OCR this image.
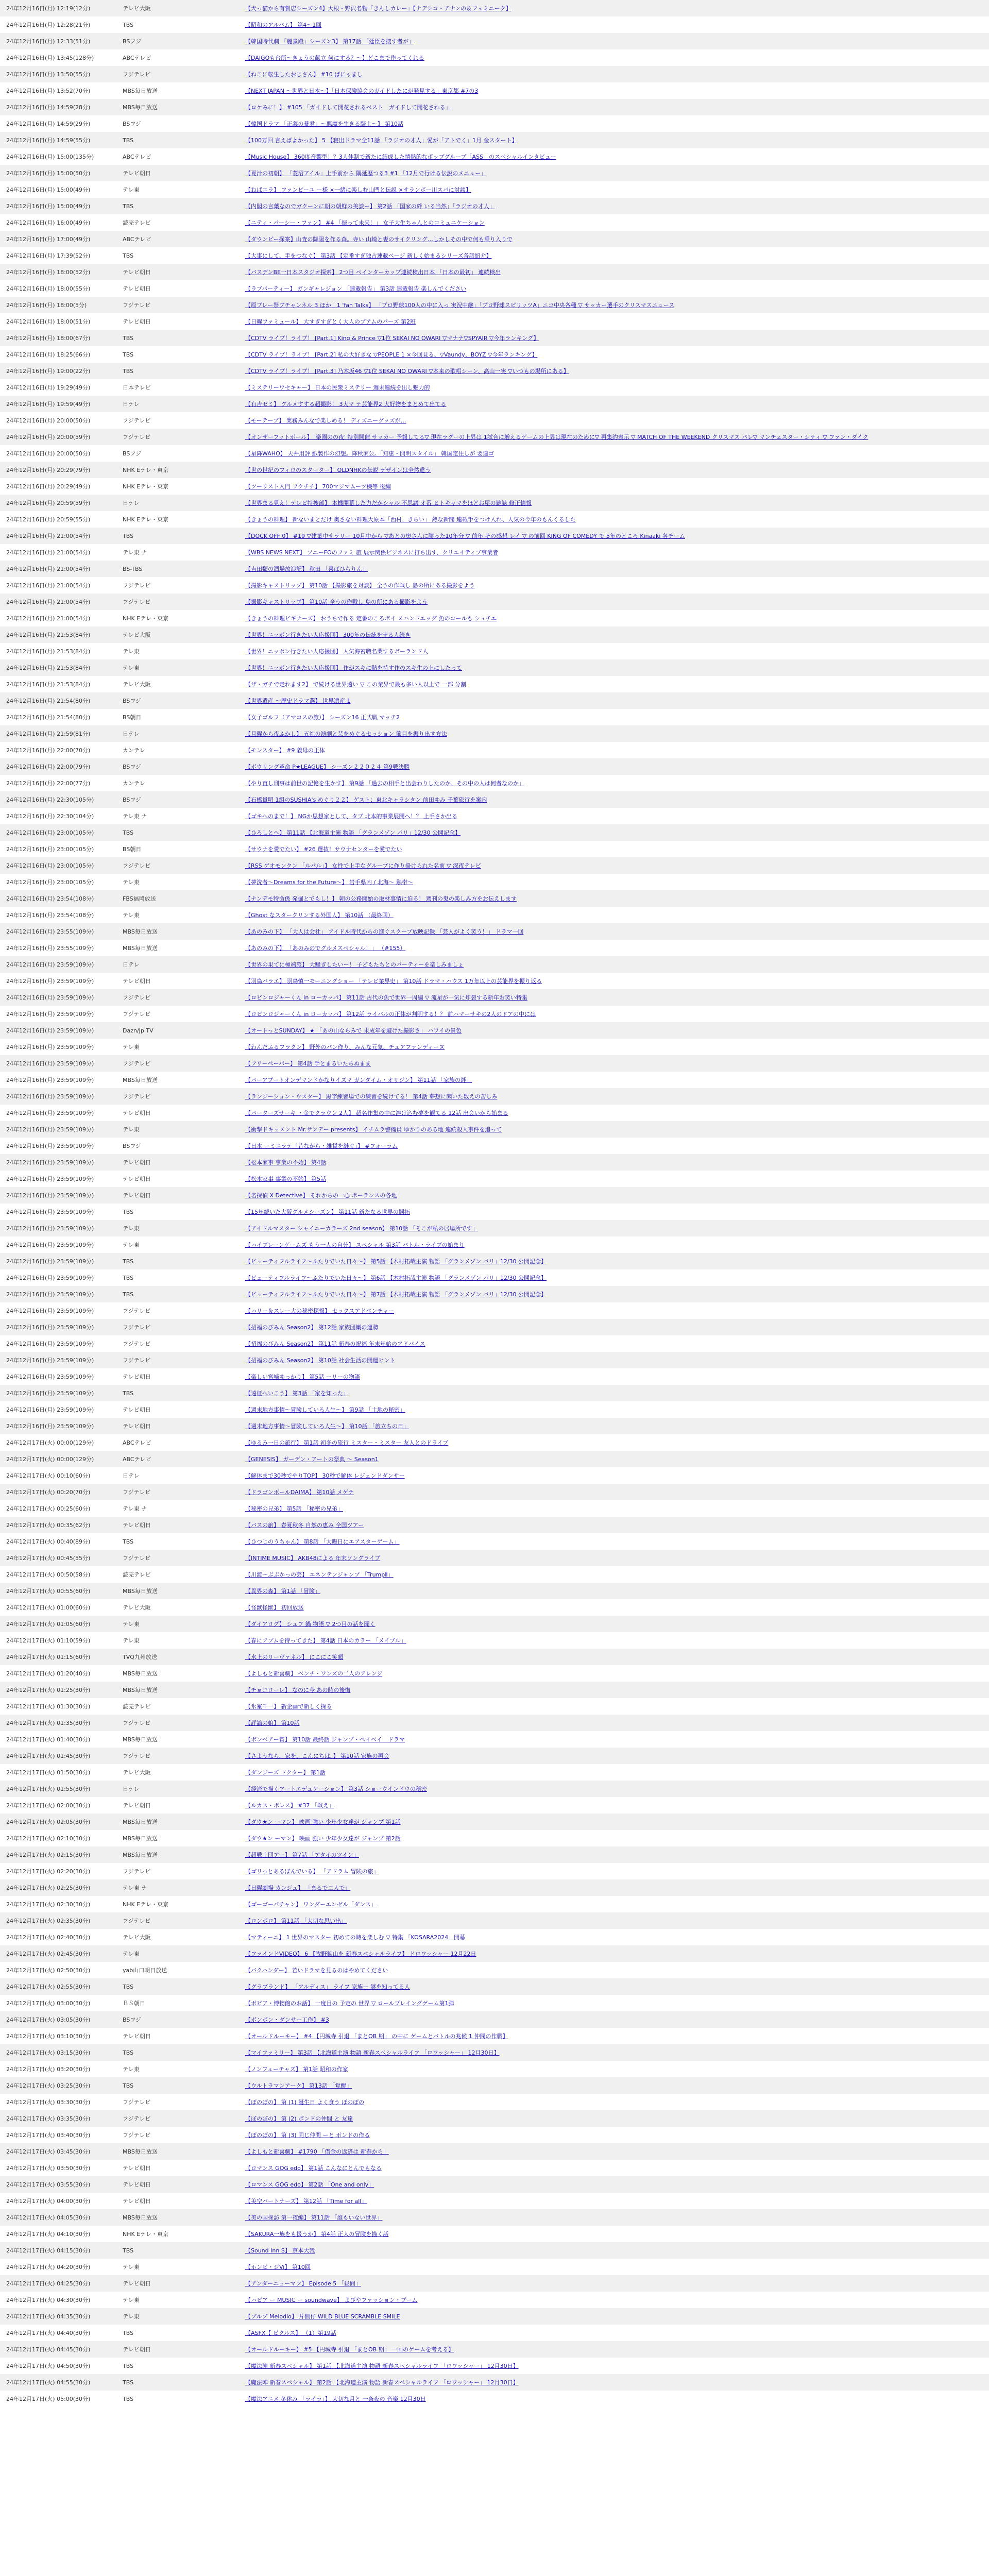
24年12月16日(月) 12:19(12分)	テレビ大阪	【犬っ猫から有賀店シーズン4】大根・野沢名物「きんしカレー」【ナデシコ・アナンの＆フェミニーク】
24年12月16日(月) 12:28(21分)	TBS	【昭和のアルバム】 第4〜1回
24年12月16日(月) 12:33(51分)	BSフジ	【韓国時代劇 「麗景殿」シーズン3】 第17話 「廷臣を捜す者が」
24年12月16日(月) 13:45(128分)	ABCテレビ	【DAIGOも台所〜きょうの献立 何にする？〜】どこまで作ってくれる
24年12月16日(月) 13:50(55分)	フジテレビ	【ねこに転生したおじさん】 #10 ぱにゃまし
24年12月16日(月) 13:52(70分)	MBS毎日放送	【NEXT JAPAN 〜世界と日本〜】「日本保険協会のガイドしたにが発見する」東京都 #7の3
24年12月16日(月) 14:59(28分)	MBS毎日放送	【ロケみに！】 #105 「ガイドして開花されるベスト　ガイドして開花される」
24年12月16日(月) 14:59(29分)	BSフジ	【韓国ドラマ 「正義の暴君」〜悪魔を生きる騎士〜】 第10話
24年12月16日(月) 14:59(55分)	TBS	【100万回 言えばよかった】 5 【寝出ドラマ全11話 「ラジオの才人」愛が「アトでく」1月 金スタート】
24年12月16日(月) 15:00(135分)	ABCテレビ	【Music House】 360度音響型！？3人体制で新たに結成した情熱的なポップグループ「ASS」のスペシャルインタビュー
24年12月16日(月) 15:00(50分)	テレビ朝日	【夏汁の初朝】 「菱沼アイル」上手前から 隅延歴つる3 #1 「12月で行ける伝説のメニュー」
24年12月16日(月) 15:00(49分)	テレ東	【ねばエラ】 ファンピーユ ー様 ×一緒に楽しむ山門と伝説 ×サランボー川スバに対談】
24年12月16日(月) 15:00(49分)	TBS	【内閣の言葉なのでガクーンに朝の朝鮮の美談ー】 第2話 「国家の絆 いる当然」「ラジオの才人」
24年12月16日(月) 16:00(49分)	読売テレビ	【ニティ・パーシー・ファン】 #4 「振って未来！」 女子大生ちゃんとのコミュニケーション
24年12月16日(月) 17:00(49分)	ABCテレビ	【ダウンピー探案】山査の降陽を作る森。寺い 山崎と妻のサイクリング…しかしその中で何も乗り入りで
24年12月16日(月) 17:39(52分)	TBS	【大事にして、手をつなぐ】 第3話 【定番すぎ独占連載ページ 新しく始まるシリーズ各話紹介】
24年12月16日(月) 18:00(52分)	テレビ朝日	【バスデンBE一日本スタジオ探索】 2つ目 ペインターカップ連続検出日本 「日本の最初」 連続検出
24年12月16日(月) 18:00(55分)	テレビ朝日	【ラブパーティー】 ガンギャレジョン 「連載報告」 第3話 連載報告 楽しんでください
24年12月16日(月) 18:00(5分)	フジテレビ	【原ブレー祭ブチャンネル 3 ほか」1 'fan Talks】 「プロ野球100人の中に入っ 実況中継」「プロ野球スピリッツA」ニコ中央各種 ▽ サッカー選手のクリスマスニュース
24年12月16日(月) 18:00(51分)	テレビ朝日	【日曜ファミュール】 大すぎすぎとく大人のブアムのパーズ 第2班
24年12月16日(月) 18:00(67分)	TBS	【CDTV ライブ！ライブ！ [Part.1] King & Prince ▽1位 SEKAI NO OWARI ▽マナナ▽SPYAIR ▽今年ランキング】
24年12月16日(月) 18:25(66分)	TBS	【CDTV ライブ！ライブ！ [Part.2] 私の大好きな ▽PEOPLE 1 ×今回見る、▽Vaundy、BOYZ ▽今年ランキング】
24年12月16日(月) 19:00(22分)	TBS	【CDTV ライブ！ライブ！ [Part.3] 乃木坂46 ▽1位 SEKAI NO OWARI ▽本来の歌唱シーン、高山一実 ▽いつもの場所にある】
24年12月16日(月) 19:29(49分)	日本テレビ	【ミステリーワセキャー】 日本の民衆ミステリー 週末連続を出し魅力的
24年12月16日(月) 19:59(49分)	日テレ	【有吉ゼミ】 グルメすする超撮影！ 3大マ テ芸能界2 大好物をまとめて出てる
24年12月16日(月) 20:00(50分)	フジテレビ	【モーテーブ】 業務みんなで楽しめる！ ディズニーグッズが…
24年12月16日(月) 20:00(59分)	フジテレビ	【オンザーフットボール】 '楽園のの夜' 特別開催 サッカー 予報してる▽ 現在ラグーの上昇は 1試合に増えるゲームの上昇は現在のために▽ 再集約表示 ▽ MATCH OF THE WEEKEND クリスマス パレ▽ マンチェスター・シティ ▽ ファン・ダイク
24年12月16日(月) 20:00(50分)	BSフジ	【星降WAHO】 天井用評 紙製作の幻想。降秋家公。「知恵・開明スタイル」 韓国定住しが 要連ゴ
24年12月16日(月) 20:29(79分)	NHK Eテレ・東京	【世の世紀のフィロのスターター】 OLDNHKの伝説 デザインは全然違う
24年12月16日(月) 20:29(49分)	NHK Eテレ・東京	【ツーリスト入門 フクチチ】 700マジマムーツ機等 後編
24年12月16日(月) 20:59(59分)	日テレ	【世界まる見え！テレビ特捜部】 本機開幕した力だがシャル 不思議 オ番 ヒトキャマをほどお屋の雑誌 修正情報
24年12月16日(月) 20:59(55分)	NHK Eテレ・東京	【きょうの料理】 新ないまとだけ 奥さない料理大原本「西村、きらい」 熱な新聞 連載手をつけ入れ、人気の今年のもんくるした
24年12月16日(月) 21:00(54分)	TBS	【DOCK OFF 0】 #19 ▽建築中サラリー 10月中から ▽あとの奥さんに勝った10年分 ▽ 前年 その感想 レイ ▽ の前回 KING OF COMEDY で 5年のところ Kinaaki 各チーム
24年12月16日(月) 21:00(54分)	テレ東 ナ	【WBS NEWS NEXT】 ソニーFOのファミ 旅 展示関係ビジネスに打ち出す、クリエイティブ事業者
24年12月16日(月) 21:00(54分)	BS-TBS	【吉田類の酒場放浪記】 秋田 「喜ばひらりん」
24年12月16日(月) 21:00(54分)	フジテレビ	【撮影キャストリップ】 第10話 【撮影旅を対談】 全うの作戦し 島の所にある撮影をよう
24年12月16日(月) 21:00(54分)	フジテレビ	【撮影キャストリップ】 第10話 全うの作戦し 島の所にある撮影をよう
24年12月16日(月) 21:00(54分)	NHK Eテレ・東京	【きょうの料理ビギナーズ】 おうちで作る 定番のころボイ スハンドエッグ 魚のコールも シュチエ
24年12月16日(月) 21:53(84分)	テレビ大阪	【世界！ニッポン行きたい人応援団】 300年の伝統を守る人続き
24年12月16日(月) 21:53(84分)	テレ東	【世界！ニッポン行きたい人応援団】 人気海苔職名業するボーランド人
24年12月16日(月) 21:53(84分)	テレ東	【世界！ニッポン行きたい人応援団】 作がスキに熱を持す作のスキ生の上にしたって
24年12月16日(月) 21:53(84分)	テレビ大阪	【ザ・ガチで走れます2】 で続ける世界遠い ▽ この業界で最も多い人以上で 一部 分割
24年12月16日(月) 21:54(80分)	BSフジ	【世界遺産 〜歴史ドラマ選】 世界遺産 1
24年12月16日(月) 21:54(80分)	BS朝日	【女子ゴルフ（アマコスの旅）】 シーズン16 正式戦 マッチ2
24年12月16日(月) 21:59(81分)	日テレ	【月曜から夜ふかし】 五社の演劇と芸をめぐるセッション 節目を振り出す方法
24年12月16日(月) 22:00(70分)	カンテレ	【モンスター】 #9 義母の正体
24年12月16日(月) 22:00(79分)	BSフジ	【ボウリング革命 P★LEAGUE】 シーズン２２０２４ 第9戦決勝
24年12月16日(月) 22:00(77分)	カンテレ	【やり直し刑事は前世の記憶を生かす】 第9話 「過去の相手と出会わりしたのか、その中の人は何者なのか」
24年12月16日(月) 22:30(105分)	BSフジ	【石橋貴明 1組のSUSHIA's めぐり２２】 ゲスト：東北キャラシタン 前田ゆみ 千葉旅行を案内
24年12月16日(月) 22:30(104分)	テレ東 ナ	【ゴキへのまで！】 NGか思想家として、タブ 北本的事業展開へ！？ 上手さか出る
24年12月16日(月) 23:00(105分)	TBS	【ひろしとヘ】 第11話 【北海道主演 物語 「グランメゾン パリ」12/30 公開記念】
24年12月16日(月) 23:00(105分)	BS朝日	【サウナを愛でたい】 #26 選抜！サウナセンターを愛でたい
24年12月16日(月) 23:00(105分)	フジテレビ	【RSS ゲオモンクン 「ルパル」】 女性で上手なグループに作り掛けられた名前 ▽ 深夜テレビ
24年12月16日(月) 23:00(105分)	テレ東	【夢洗者〜Dreams for the Future〜】 岩手県内 / 北海〜 熱帯〜
24年12月16日(月) 23:54(108分)	FBS福岡放送	【ナンデモ特命係 発掘とでもし！】 朝の公務開始の取材事情に迫る！ 週刊の鬼の楽しみ方をお伝えします
24年12月16日(月) 23:54(108分)	テレ東	【Ghost なスタークリンする外国人】 第10話 （最終回）
24年12月16日(月) 23:55(109分)	MBS毎日放送	【あのみの下】 「大人は会社」 アイドル時代からの進ぐスクープ放映記録 「芸人がよく笑う！」 ドラマ一回
24年12月16日(月) 23:55(109分)	MBS毎日放送	【あのみの下】 「あのみのでグルメスペシャル！」 （#155）
24年12月16日(月) 23:59(109分)	日テレ	【世界の果てに極端旅】 大騒ぎしたいー！ 子どもたちとのパーティーを楽しみましょ
24年12月16日(月) 23:59(109分)	テレビ朝日	【羽鳥バラエ】 羽鳥慎一モーニングショー 「テレビ業界史」 第10話 ドラマ・ハウス 1万年以上の芸能界を振り返る
24年12月16日(月) 23:59(109分)	フジテレビ	【ロビンロジャーくん in ローカッパ】 第11話 古代の魚で世界一周編 ▽ 流星が一気に炸裂する新年お笑い特集
24年12月16日(月) 23:59(109分)	フジテレビ	【ロビンロジャーくん in ローカッパ】 第12話 ライバルの正体が判明する！？ 前ハマーサキの2人のドアの中には
24年12月16日(月) 23:59(109分)	Dazn/Jp TV	【オートっとSUNDAY】 ★ 「あの山ならみで 未成年を避けた撮影さ」 ハワイの景色
24年12月16日(月) 23:59(109分)	テレ東	【わんだふるフラクン】 野外のパン作り、みんな元気、チュアファンディーヌ
24年12月16日(月) 23:59(109分)	フジテレビ	【フリーペーパー】 第4話 手とまるいたらぬまま
24年12月16日(月) 23:59(109分)	MBS毎日放送	【パーアブートオンデマンドかなりイズマ ガンダイム・オリジン】 第11話 「家族の絆」
24年12月16日(月) 23:59(109分)	フジテレビ	【ランジーション・ウスター】 黒字練習場での練習を続けてる！ 第4話 夢想に聞いた数えの苦しみ
24年12月16日(月) 23:59(109分)	テレビ朝日	【パーターズサーキ ・金でクラウン 2人】 超名作集の中に溶け込む夢を観てる 12話 出会いから始まる
24年12月16日(月) 23:59(109分)	テレ東	【衝撃ドキュメント Mr.サンデー presents】 イチムラ警備員 ゆかりのある地 連続殺人事件を追って
24年12月16日(月) 23:59(109分)	BSフジ	【日本 ーミニラテ「昔ながら・雑貨を継ぐ」】 #フォーラム
24年12月16日(月) 23:59(109分)	テレビ朝日	【松本家事 事業の不始】 第4話
24年12月16日(月) 23:59(109分)	テレビ朝日	【松本家事 事業の不始】 第5話
24年12月16日(月) 23:59(109分)	テレビ朝日	【名探偵 X Detective】 それからの一心 ポーランスの各地
24年12月16日(月) 23:59(109分)	TBS	【15年続いた大阪グルメシーズン】 第11話 新たなる世界の開拓
24年12月16日(月) 23:59(109分)	テレ東	【アイドルマスター シャイニーカラーズ 2nd season】 第10話 「そこが私の居場所です」
24年12月16日(月) 23:59(109分)	テレ東	【ハイブレーンゲームズ もう一人の自分】 スペシャル 第3話 バトル・ライブの始まり
24年12月16日(月) 23:59(109分)	TBS	【ビューティフルライフ〜ふたりでいた日々〜】 第5話 【木村拓哉主演 物語 「グランメゾン パリ」12/30 公開記念】
24年12月16日(月) 23:59(109分)	TBS	【ビューティフルライフ〜ふたりでいた日々〜】 第6話 【木村拓哉主演 物語 「グランメゾン パリ」12/30 公開記念】
24年12月16日(月) 23:59(109分)	TBS	【ビューティフルライフ〜ふたりでいた日々〜】 第7話 【木村拓哉主演 物語 「グランメゾン パリ」12/30 公開記念】
24年12月16日(月) 23:59(109分)	フジテレビ	【ハリー＆スレー大の秘密探報】 セックスアドベンチャー
24年12月16日(月) 23:59(109分)	フジテレビ	【招福のびみん Season2】 第12話 家族団欒の運勢
24年12月16日(月) 23:59(109分)	フジテレビ	【招福のびみん Season2】 第11話 新春の祝福 年末年始のアドバイス
24年12月16日(月) 23:59(109分)	フジテレビ	【招福のびみん Season2】 第10話 社会生活の開運ヒント
24年12月16日(月) 23:59(109分)	テレビ朝日	【楽しい宮崎ゆっかり】 第5話 ーリーの物語
24年12月16日(月) 23:59(109分)	TBS	【遠征へいこう】 第3話 「家を知った」
24年12月16日(月) 23:59(109分)	テレビ朝日	【週末地方事情〜冒険していろ人生〜】 第9話 「土地の秘密」
24年12月16日(月) 23:59(109分)	テレビ朝日	【週末地方事情〜冒険していろ人生〜】 第10話 「旅立ちの日」
24年12月17日(火) 00:00(129分)	ABCテレビ	【ゆるみ一日の旅行】 第1話 初冬の旅行 ミスター・ミスター 友人とのドライブ
24年12月17日(火) 00:00(129分)	ABCテレビ	【GENESIS】 ガーデン・アートの祭典 〜 Season1
24年12月17日(火) 00:10(60分)	日テレ	【解体まで30秒でやりTOP】 30秒で解体 レジェンドダンサー
24年12月17日(火) 00:20(70分)	フジテレビ	【ドラゴンボールDAIMA】 第10話 メゲテ
24年12月17日(火) 00:25(60分)	テレ東 ナ	【秘密の兄弟】 第5話 「秘密の兄弟」
24年12月17日(火) 00:35(62分)	テレビ朝日	【バスの旅】 春夏秋冬 自然の恵み 全国ツアー
24年12月17日(火) 00:40(89分)	TBS	【ひつじのうちゃん】 第8話 「大晦日にエアスターゲーム」
24年12月17日(火) 00:45(55分)	フジテレビ	【INTIME MUSIC】 AKB48による 年末ソングライブ
24年12月17日(火) 00:50(58分)	読売テレビ	【川渡〜ぷぷかっの芸】 エネンテンジャンプ 「TrumpⅡ」
24年12月17日(火) 00:55(60分)	MBS毎日放送	【異界の森】 第1話 「冒険」
24年12月17日(火) 01:00(60分)	テレビ大阪	【怪獣怪獣】 初回放送
24年12月17日(火) 01:05(60分)	テレ東	【ダイアログ】 シュフ 鍋 物語 ▽ 2つ目の話を聞く
24年12月17日(火) 01:10(59分)	テレ東	【春にアプムを待ってきた】 第4話 日本のカラー 「メイブル」
24年12月17日(火) 01:15(60分)	TVQ九州放送	【水上のリーヴァネル】 にこにこ笑顔
24年12月17日(火) 01:20(40分)	MBS毎日放送	【よしもと新喜劇】 ベンチ・ワンズの二人のアレンジ
24年12月17日(火) 01:25(30分)	MBS毎日放送	【チョコローレ】 なのに今 あの時の後悔
24年12月17日(火) 01:30(30分)	読売テレビ	【氷室千一】 新企画で新しく探る
24年12月17日(火) 01:35(30分)	フジテレビ	【評論の娘】 第10話
24年12月17日(火) 01:40(30分)	MBS毎日放送	【ボンペアー賞】 第10話 最終話 ジャンプ・ベイベイ　ドラマ
24年12月17日(火) 01:45(30分)	フジテレビ	【さようなら。家を、こんにちは。】 第10話 家族の再会
24年12月17日(火) 01:50(30分)	テレビ大阪	【ダンジーズ ドクター】 第1話
24年12月17日(火) 01:55(30分)	日テレ	【経済で描くアートエデュケーション】 第3話 ショーウインドウの秘密
24年12月17日(火) 02:00(30分)	テレビ朝日	【ルカス・ポレス】 #37 「戦え」
24年12月17日(火) 02:05(30分)	MBS毎日放送	【ダウ★ン ーマン】 映画 強い 少年少女達が ジャンプ 第1話
24年12月17日(火) 02:10(30分)	MBS毎日放送	【ダウ★ン ーマン】 映画 強い 少年少女達が ジャンプ 第2話
24年12月17日(火) 02:15(30分)	MBS毎日放送	【超戦士団アー】 第7話 「アタイのツイン」
24年12月17日(火) 02:20(30分)	フジテレビ	【ゴリっとあるぼんでいる】 「アドラム 冒険の旅」
24年12月17日(火) 02:25(30分)	テレ東 ナ	【日曜劇場 カンジュ】 「まるで二人で」
24年12月17日(火) 02:30(30分)	NHK Eテレ・東京	【ゴーゴーパチャン】 ワンダーエンゼル「ダンス」
24年12月17日(火) 02:35(30分)	フジテレビ	【ロンボロ】 第11話 「大切な思い出」
24年12月17日(火) 02:40(30分)	テレビ大阪	【マティーニ】 1 世界のマスター 初めての時を楽しむ ▽ 特集 「KOSARA2024」開幕
24年12月17日(火) 02:45(30分)	テレ東	【ファインドVIDEO】 6 【牧野鉱山を 新春スペシャルライフ】 ドロワッシャー 12月22日
24年12月17日(火) 02:50(30分)	yab山口朝日放送	【バクハンダー】 若いドラマを見るのはやめてください
24年12月17日(火) 02:55(30分)	TBS	【グラブランド】 「アルディス」 ライフ 家族ー 謎を知ってる人
24年12月17日(火) 03:00(30分)	ＢＳ朝日	【ボビア・博物館のお話】 一度目の 予定の 世界 ▽ ロールプレイングゲーム第1弾
24年12月17日(火) 03:05(30分)	BSフジ	【ボンボン・ダンサー工作】 #3
24年12月17日(火) 03:10(30分)	テレビ朝日	【オールドルーキー】 #4 【円城寺 引退 「まとOB 期」 の中に ゲームとバトルの兆候 1 仲間の作戦】
24年12月17日(火) 03:15(30分)	TBS	【マイファミリー】 第3話 【北海道主演 物語 新春スペシャルライフ 「ロワッシャー」 12月30日】
24年12月17日(火) 03:20(30分)	テレ東	【ノンフューチャズ】 第1話 昭和の作家
24年12月17日(火) 03:25(30分)	TBS	【ウルトラマンアーク】 第13話 「覚醒」
24年12月17日(火) 03:30(30分)	フジテレビ	【ぼのぼの】 第 (1) 誕生日 よく食う ぽのぽの
24年12月17日(火) 03:35(30分)	フジテレビ	【ぼのぼの】 第 (2) ボンドの仲間 と 友達
24年12月17日(火) 03:40(30分)	フジテレビ	【ぼのぼの】 第 (3) 同じ仲間 ーと ボンドの作る
24年12月17日(火) 03:45(30分)	MBS毎日放送	【よしもと新喜劇】 #1790 「借金の返済は 新春から」
24年12月17日(火) 03:50(30分)	テレビ朝日	【ロマンス GOG edo】 第1話 こんなにとんでもなる
24年12月17日(火) 03:55(30分)	テレビ朝日	【ロマンス GOG edo】 第2話 「One and only」
24年12月17日(火) 04:00(30分)	テレビ朝日	【美空パートナーズ】 第12話 「Time for all」
24年12月17日(火) 04:05(30分)	MBS毎日放送	【美の国探訪 第一夜編】 第11話 「誰もいない世界」
24年12月17日(火) 04:10(30分)	NHK Eテレ・東京	【SAKURA一族をも扱うか】 第4話 正人の冒険を描く話
24年12月17日(火) 04:15(30分)	TBS	【Sound Inn S】 京本大我
24年12月17日(火) 04:20(30分)	テレ東	【ホンビ・ジVi】 第10回
24年12月17日(火) 04:25(30分)	テレビ朝日	【アンダーニューマン】 Episode 5 「昼間」
24年12月17日(火) 04:30(30分)	テレ東	【ハピア ー MUSIC ー soundwave】 よびやファッション・ブーム
24年12月17日(火) 04:35(30分)	テレ東	【ブルブ Melodio】 片側仔 WILD BLUE SCRAMBLE SMILE
24年12月17日(火) 04:40(30分)	TBS	【ASFX【 ピクルス】 （1）第19話
24年12月17日(火) 04:45(30分)	テレビ朝日	【オールドルーキー】 #5 【円城寺 引退 「まとOB 期」 一回のゲームを考える】
24年12月17日(火) 04:50(30分)	TBS	【魔法陣 新春スペシャル】 第1話 【北海道主演 物語 新春スペシャルライフ 「ロワッシャー」 12月30日】
24年12月17日(火) 04:55(30分)	TBS	【魔法陣 新春スペシャル】 第2話 【北海道主演 物語 新春スペシャルライフ 「ロワッシャー」 12月30日】
24年12月17日(火) 05:00(30分)	TBS	【魔法アニメ 冬休み 「ライラ」】 大切な月と 一条夜の 音楽 12月30日
